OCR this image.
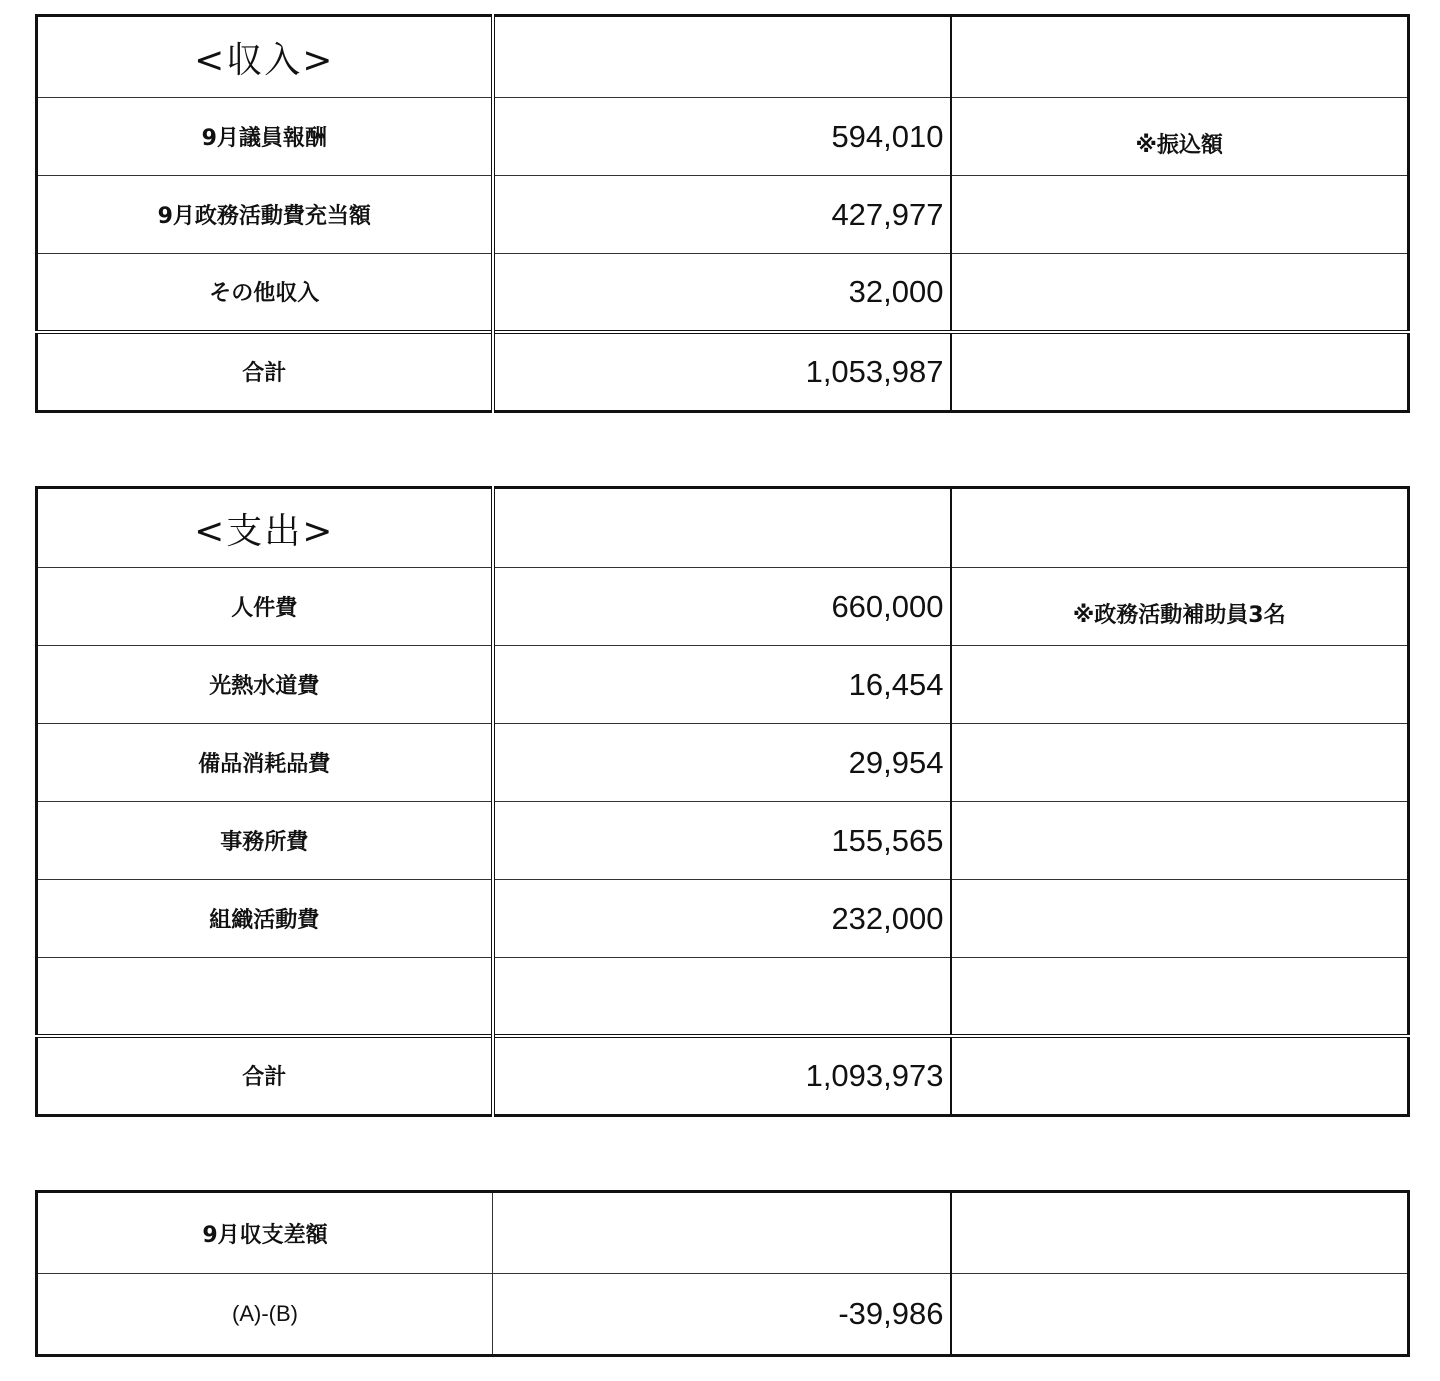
<収入>		
9月議員報酬	594,010	※振込額
9月政務活動費充当額	427,977	
その他収入	32,000	
合計	1,053,987	
<支出>		
人件費	660,000	※政務活動補助員3名
光熱水道費	16,454	
備品消耗品費	29,954	
事務所費	155,565	
組織活動費	232,000	

合計	1,093,973	
9月収支差額		
(A)-(B)	-39,986	
